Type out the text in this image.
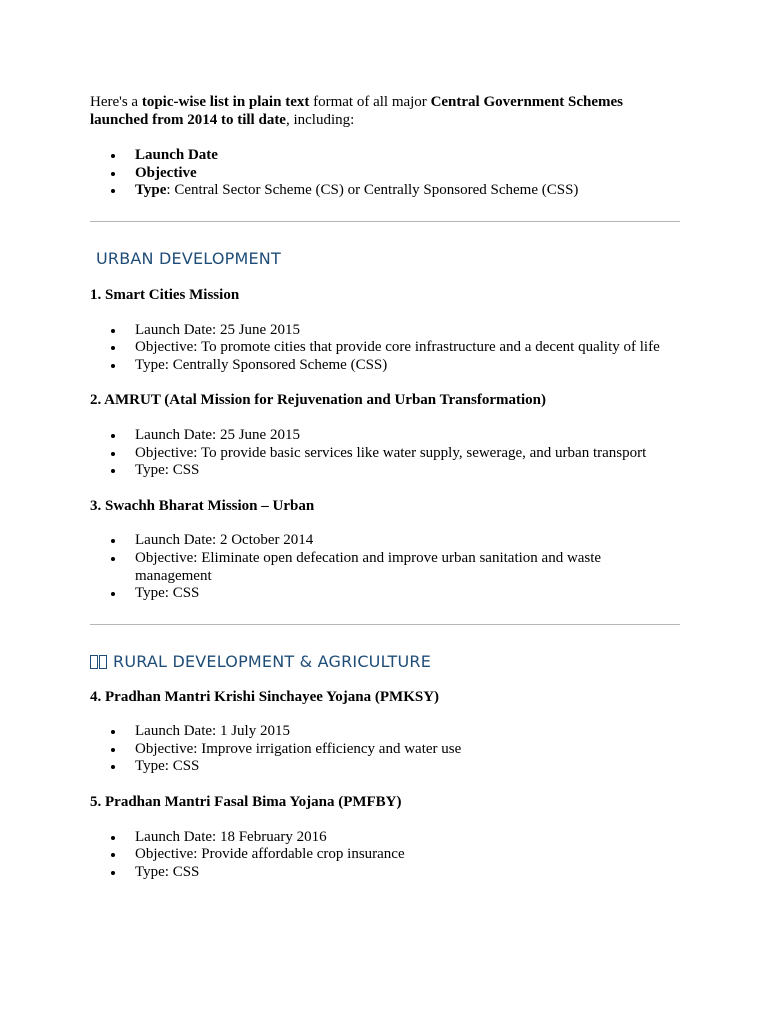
Here's a topic-wise list in plain text format of all major Central Government Schemes launched from 2014 to till date, including:

Launch Date
Objective
Type: Central Sector Scheme (CS) or Centrally Sponsored Scheme (CSS)
URBAN DEVELOPMENT

1. Smart Cities Mission

Launch Date: 25 June 2015
Objective: To promote cities that provide core infrastructure and a decent quality of life
Type: Centrally Sponsored Scheme (CSS)

2. AMRUT (Atal Mission for Rejuvenation and Urban Transformation)

Launch Date: 25 June 2015
Objective: To provide basic services like water supply, sewerage, and urban transport
Type: CSS

3. Swachh Bharat Mission – Urban

Launch Date: 2 October 2014
Objective: Eliminate open defecation and improve urban sanitation and waste management
Type: CSS
RURAL DEVELOPMENT & AGRICULTURE

4. Pradhan Mantri Krishi Sinchayee Yojana (PMKSY)

Launch Date: 1 July 2015
Objective: Improve irrigation efficiency and water use
Type: CSS

5. Pradhan Mantri Fasal Bima Yojana (PMFBY)

Launch Date: 18 February 2016
Objective: Provide affordable crop insurance
Type: CSS
